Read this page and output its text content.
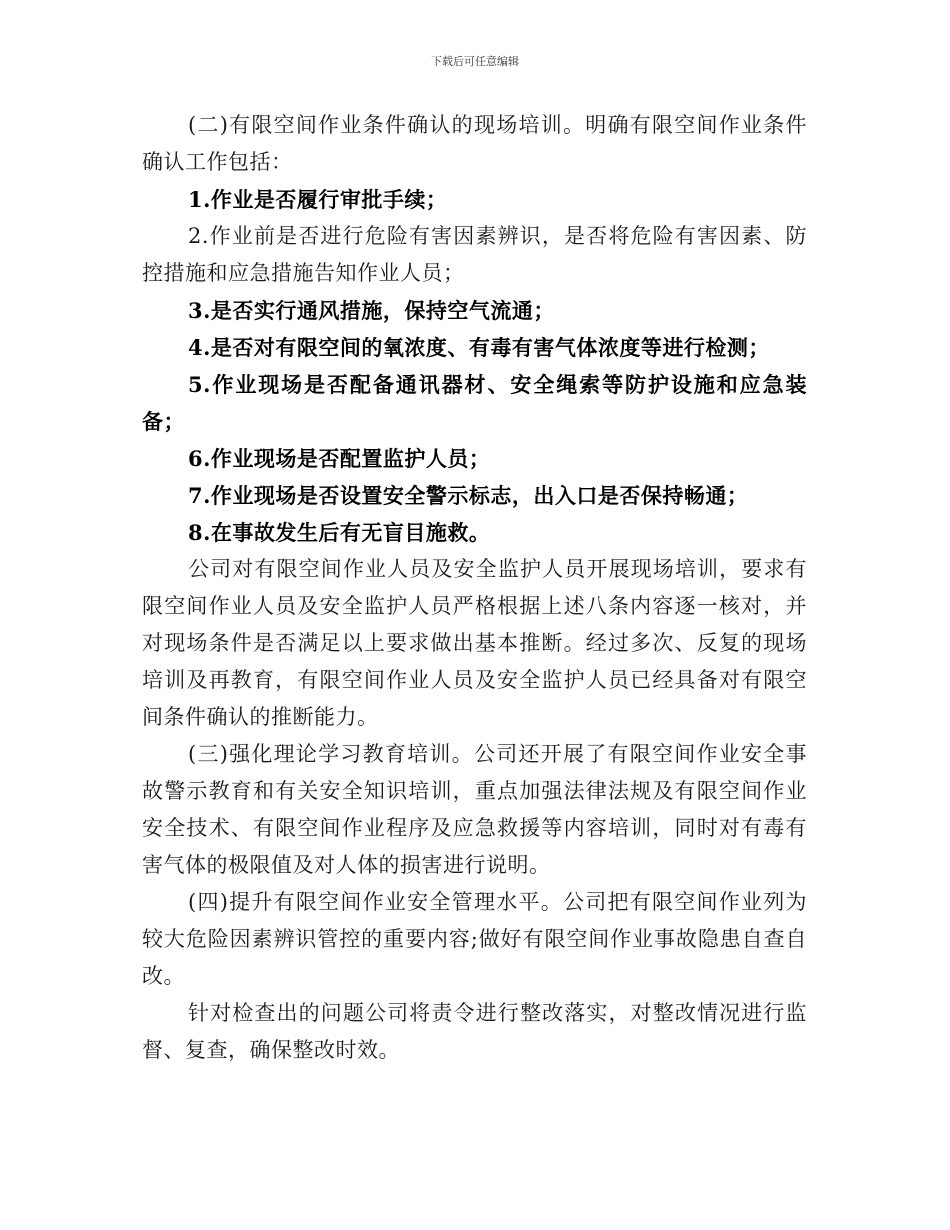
下载后可任意编辑

(二)有限空间作业条件确认的现场培训。明确有限空间作业条件确认工作包括：

1.作业是否履行审批手续；

2.作业前是否进行危险有害因素辨识，是否将危险有害因素、防控措施和应急措施告知作业人员；

3.是否实行通风措施，保持空气流通；

4.是否对有限空间的氧浓度、有毒有害气体浓度等进行检测；

5.作业现场是否配备通讯器材、安全绳索等防护设施和应急装备；

6.作业现场是否配置监护人员；

7.作业现场是否设置安全警示标志，出入口是否保持畅通；

8.在事故发生后有无盲目施救。

公司对有限空间作业人员及安全监护人员开展现场培训，要求有限空间作业人员及安全监护人员严格根据上述八条内容逐一核对，并对现场条件是否满足以上要求做出基本推断。经过多次、反复的现场培训及再教育，有限空间作业人员及安全监护人员已经具备对有限空间条件确认的推断能力。

(三)强化理论学习教育培训。公司还开展了有限空间作业安全事故警示教育和有关安全知识培训，重点加强法律法规及有限空间作业安全技术、有限空间作业程序及应急救援等内容培训，同时对有毒有害气体的极限值及对人体的损害进行说明。

(四)提升有限空间作业安全管理水平。公司把有限空间作业列为较大危险因素辨识管控的重要内容;做好有限空间作业事故隐患自查自改。

针对检查出的问题公司将责令进行整改落实，对整改情况进行监督、复查，确保整改时效。
